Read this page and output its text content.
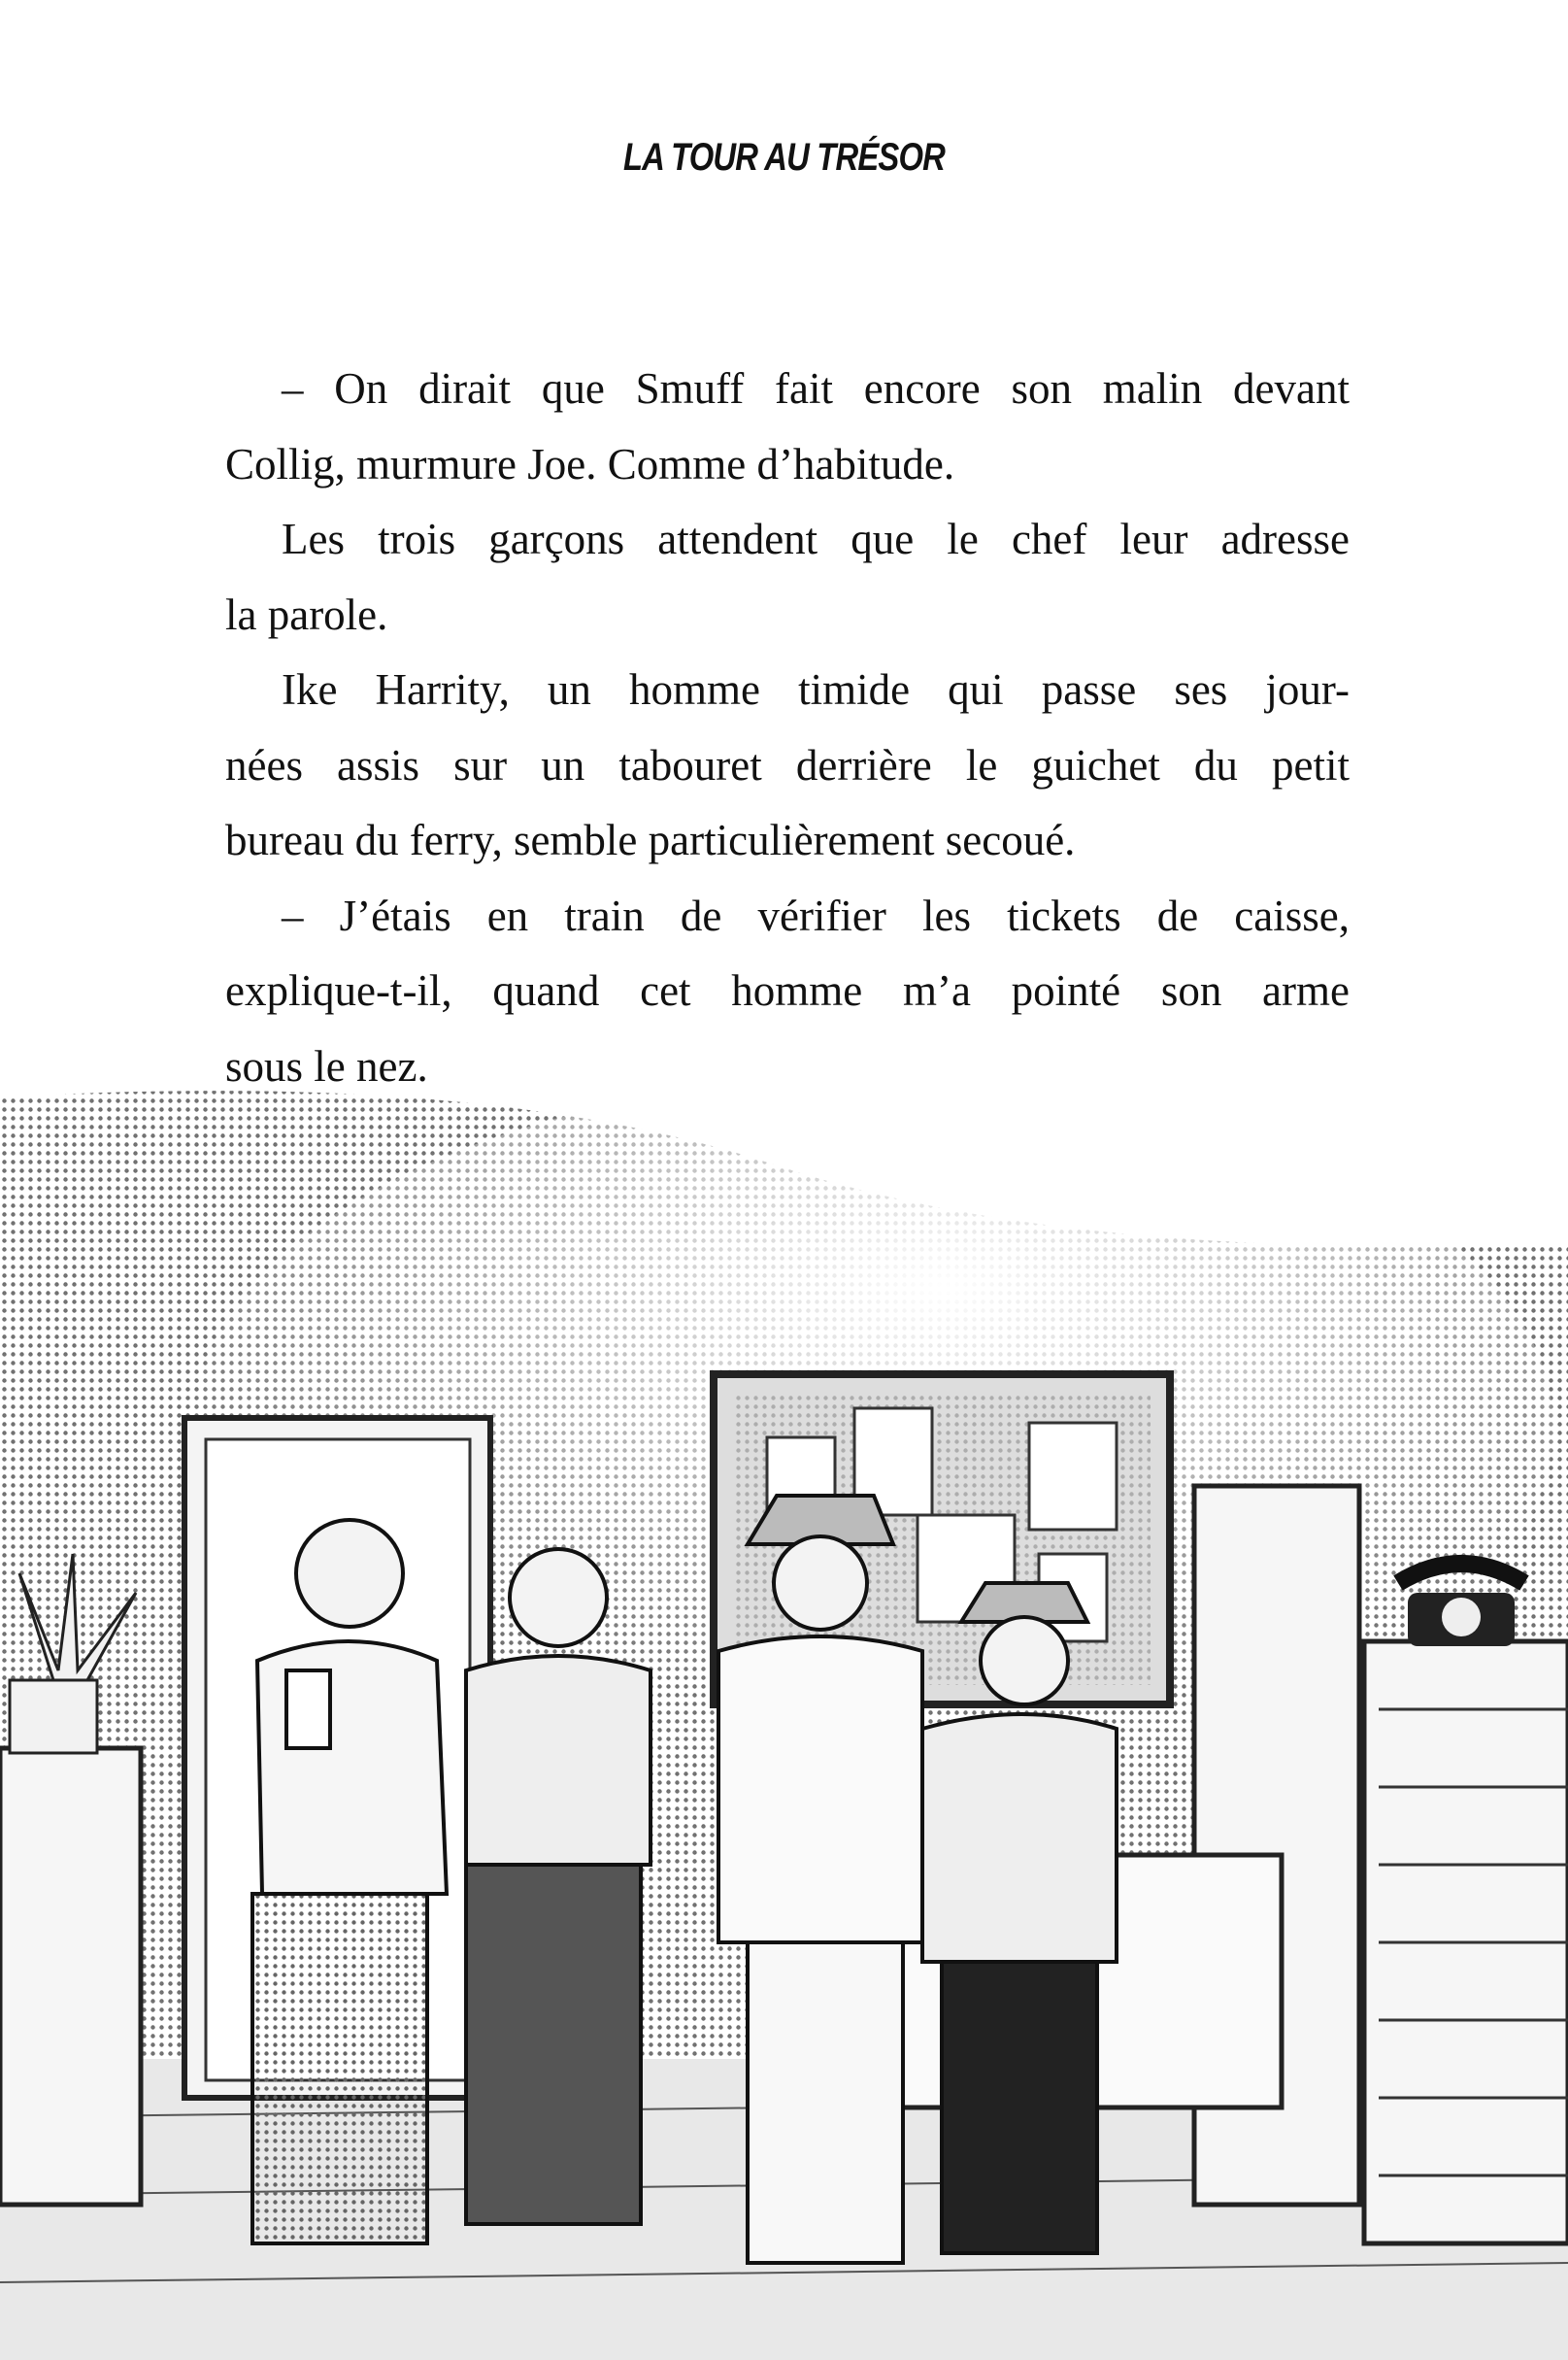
LA TOUR AU TRÉSOR
– On dirait que Smuff fait encore son malin devant
Collig, murmure Joe. Comme d’habitude.
Les trois garçons attendent que le chef leur adresse
la parole.
Ike Harrity, un homme timide qui passe ses jour-
nées assis sur un tabouret derrière le guichet du petit
bureau du ferry, semble particulièrement secoué.
– J’étais en train de vérifier les tickets de caisse,
explique-t-il, quand cet homme m’a pointé son arme
sous le nez.
